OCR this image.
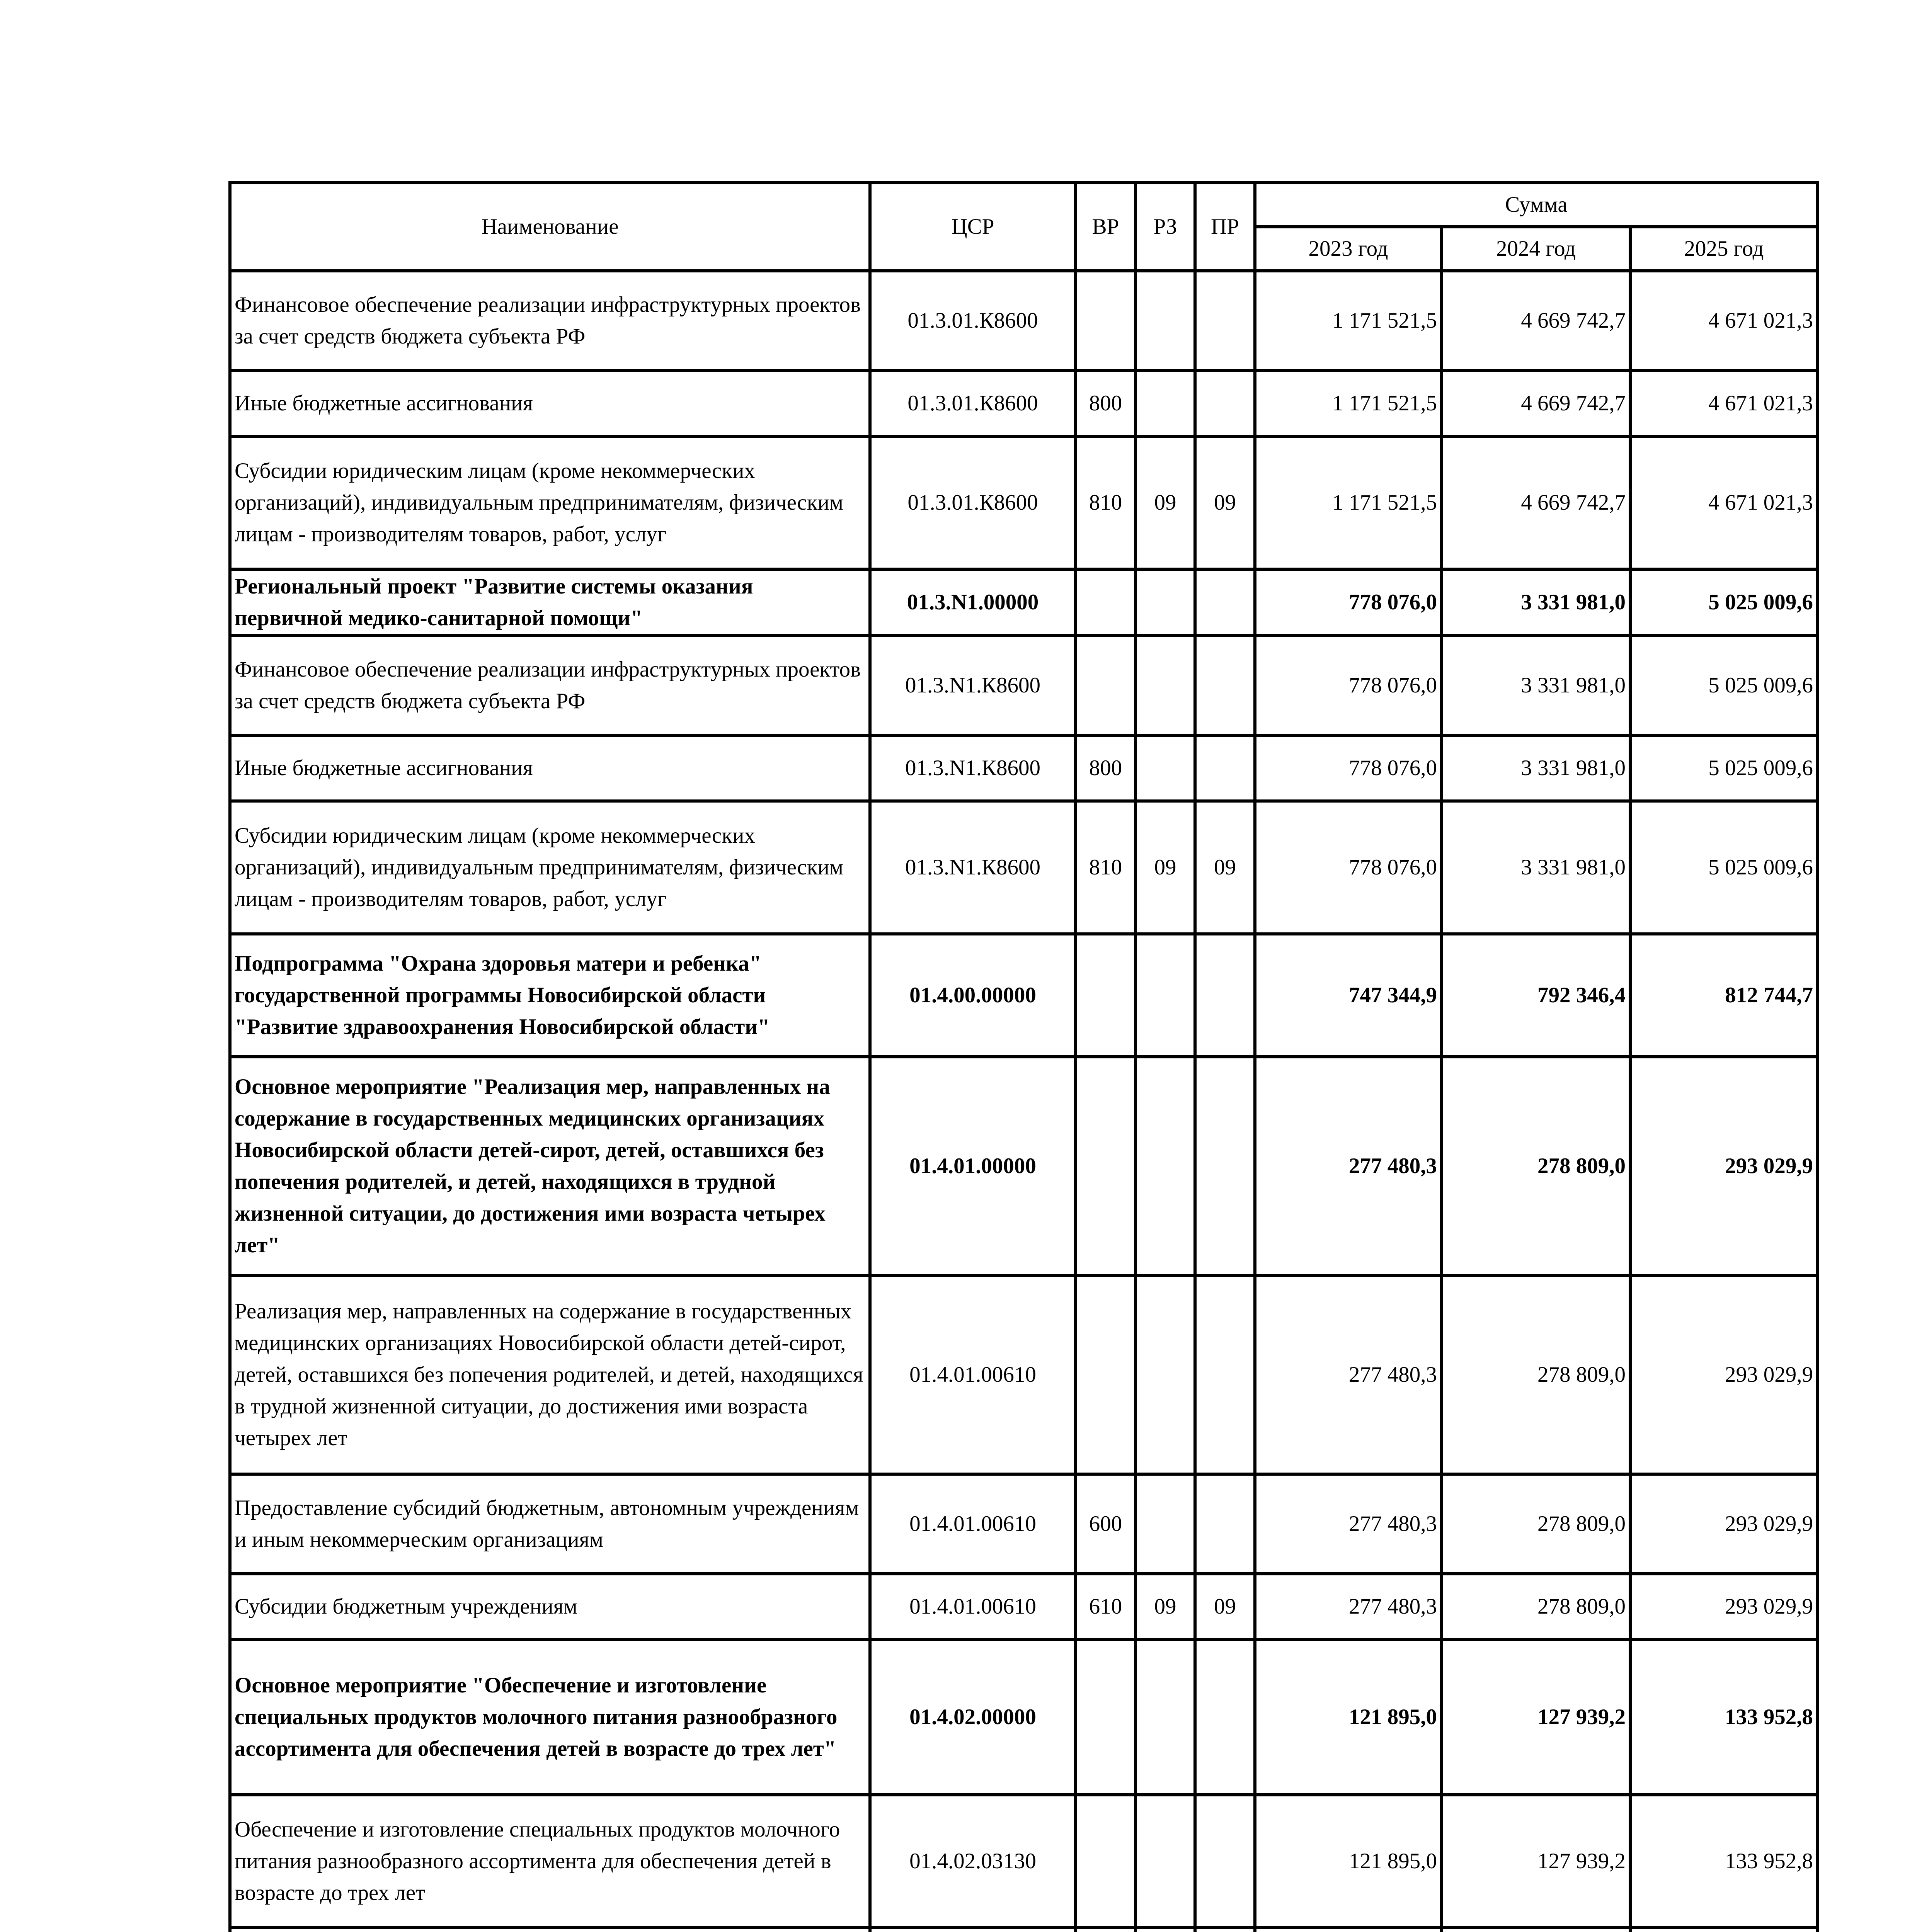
Наименование	ЦСР	ВР	РЗ	ПР	Сумма		
					2023 год	2024 год	2025 год
Финансовое обеспечение реализации инфраструктурных проектов за счет средств бюджета субъекта РФ	01.3.01.К8600				1 171 521,5	4 669 742,7	4 671 021,3
Иные бюджетные ассигнования	01.3.01.К8600	800			1 171 521,5	4 669 742,7	4 671 021,3
Субсидии юридическим лицам (кроме некоммерческих организаций), индивидуальным предпринимателям, физическим лицам - производителям товаров, работ, услуг	01.3.01.К8600	810	09	09	1 171 521,5	4 669 742,7	4 671 021,3
Региональный проект "Развитие системы оказания первичной медико-санитарной помощи"	01.3.N1.00000				778 076,0	3 331 981,0	5 025 009,6
Финансовое обеспечение реализации инфраструктурных проектов за счет средств бюджета субъекта РФ	01.3.N1.К8600				778 076,0	3 331 981,0	5 025 009,6
Иные бюджетные ассигнования	01.3.N1.К8600	800			778 076,0	3 331 981,0	5 025 009,6
Субсидии юридическим лицам (кроме некоммерческих организаций), индивидуальным предпринимателям, физическим лицам - производителям товаров, работ, услуг	01.3.N1.К8600	810	09	09	778 076,0	3 331 981,0	5 025 009,6
Подпрограмма "Охрана здоровья матери и ребенка" государственной программы Новосибирской области "Развитие здравоохранения Новосибирской области"	01.4.00.00000				747 344,9	792 346,4	812 744,7
Основное мероприятие "Реализация мер, направленных на содержание в государственных медицинских организациях Новосибирской области детей-сирот, детей, оставшихся без попечения родителей, и детей, находящихся в трудной жизненной ситуации, до достижения ими возраста четырех лет"	01.4.01.00000				277 480,3	278 809,0	293 029,9
Реализация мер, направленных на содержание в государственных медицинских организациях Новосибирской области детей-сирот, детей, оставшихся без попечения родителей, и детей, находящихся в трудной жизненной ситуации, до достижения ими возраста четырех лет	01.4.01.00610				277 480,3	278 809,0	293 029,9
Предоставление субсидий бюджетным, автономным учреждениям и иным некоммерческим организациям	01.4.01.00610	600			277 480,3	278 809,0	293 029,9
Субсидии бюджетным учреждениям	01.4.01.00610	610	09	09	277 480,3	278 809,0	293 029,9
Основное мероприятие "Обеспечение и изготовление специальных продуктов молочного питания разнообразного ассортимента для обеспечения детей в возрасте до трех лет"	01.4.02.00000				121 895,0	127 939,2	133 952,8
Обеспечение и изготовление специальных продуктов молочного питания разнообразного ассортимента для обеспечения детей в возрасте до трех лет	01.4.02.03130				121 895,0	127 939,2	133 952,8
